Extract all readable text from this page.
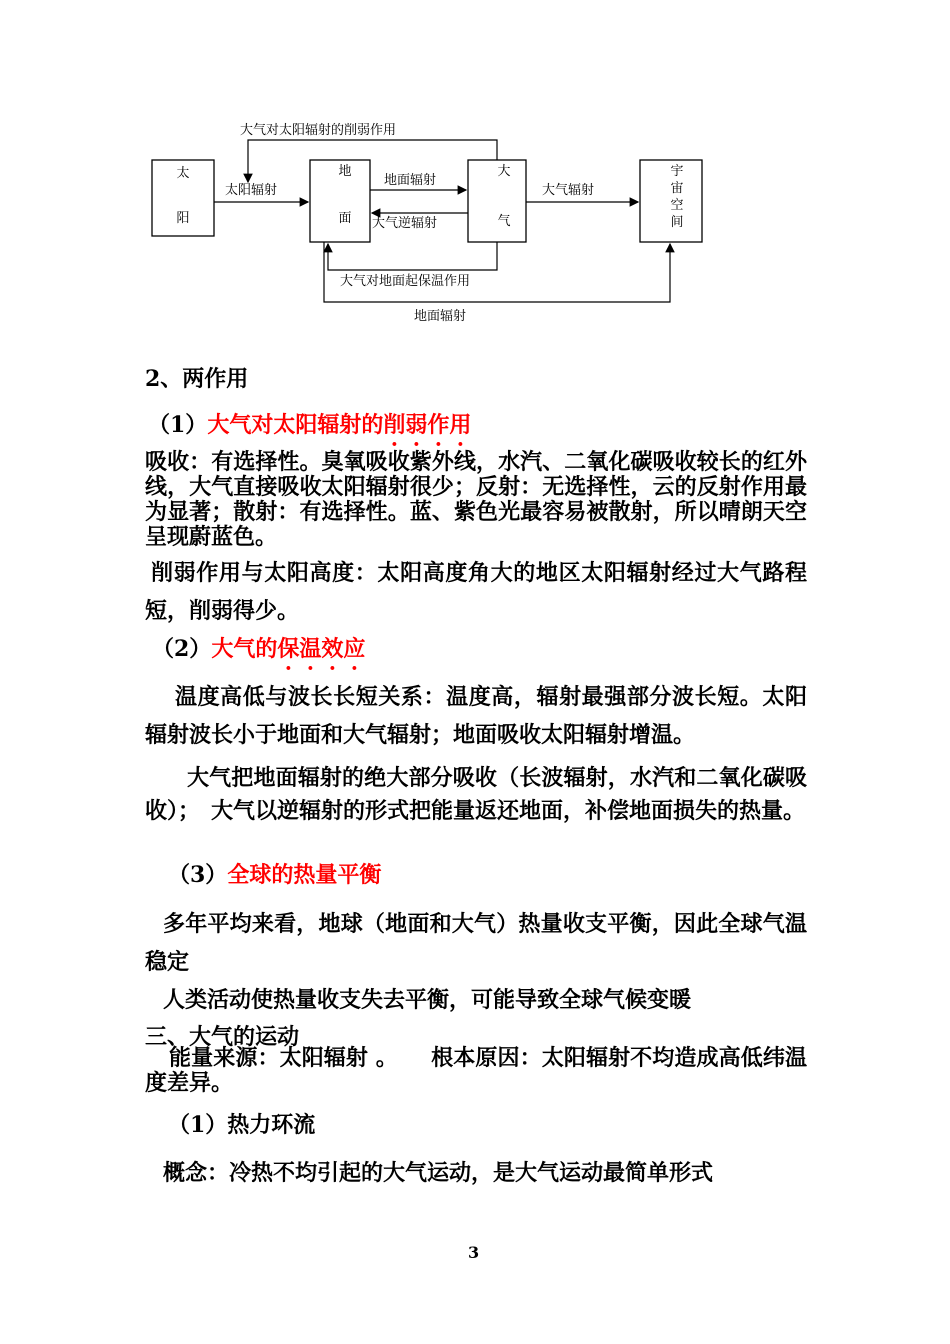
太
阳
地
面
大
气
宇
宙
空
间
大气对太阳辐射的削弱作用
太阳辐射
地面辐射
大气逆辐射
大气辐射
大气对地面起保温作用
地面辐射
2、两作用
（1）大气对太阳辐射的削弱作用
吸收：有选择性。臭氧吸收紫外线，水汽、二氧化碳吸收较长的红外线，大气直接吸收太阳辐射很少；反射：无选择性，云的反射作用最为显著；散射：有选择性。蓝、紫色光最容易被散射，所以晴朗天空呈现蔚蓝色。
削弱作用与太阳高度：太阳高度角大的地区太阳辐射经过大气路程短，削弱得少。
（2）大气的保温效应
温度高低与波长长短关系：温度高，辐射最强部分波长短。太阳辐射波长小于地面和大气辐射；地面吸收太阳辐射增温。
大气把地面辐射的绝大部分吸收（长波辐射，水汽和二氧化碳吸收）；　大气以逆辐射的形式把能量返还地面，补偿地面损失的热量。
（3）全球的热量平衡
多年平均来看，地球（地面和大气）热量收支平衡，因此全球气温稳定
人类活动使热量收支失去平衡，可能导致全球气候变暖
三、大气的运动
能量来源：太阳辐射 。　　根本原因：太阳辐射不均造成高低纬温度差异。
（1）热力环流
概念：冷热不均引起的大气运动，是大气运动最简单形式
3
